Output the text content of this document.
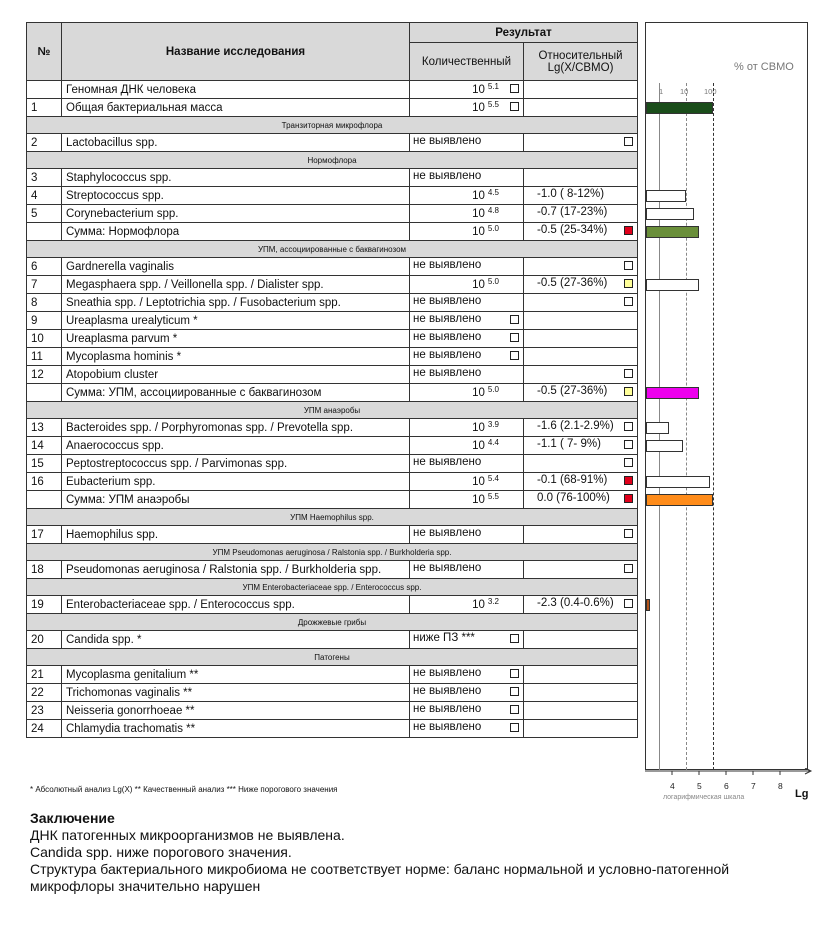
№	Название исследования	Результат	
		Количественный	Относительный
Lg(X/СВМО)
	Геномная ДНК человека	10 $^{5.1}$

1	Общая бактериальная масса	10 $^{5.5}$

Транзиторная микрофлора			
2	Lactobacillus spp.	не выявлено	

Нормофлора			
3	Staphylococcus spp.	не выявлено	

4	Streptococcus spp.	10 $^{4.5}$	-1.0 ( 8-12%)

5	Corynebacterium spp.	10 $^{4.8}$	-0.7 (17-23%)

	Сумма: Нормофлора	10 $^{5.0}$	-0.5 (25-34%)

УПМ, ассоциированные с баквагинозом			
6	Gardnerella vaginalis	не выявлено	

7	Megasphaera spp. / Veillonella spp. / Dialister spp.	10 $^{5.0}$	-0.5 (27-36%)

8	Sneathia spp. / Leptotrichia spp. / Fusobacterium spp.	не выявлено	

9	Ureaplasma urealyticum *	не выявлено	

10	Ureaplasma parvum *	не выявлено	

11	Mycoplasma hominis *	не выявлено	

12	Atopobium cluster	не выявлено	

	Сумма: УПМ, ассоциированные с баквагинозом	10 $^{5.0}$	-0.5 (27-36%)

УПМ анаэробы			
13	Bacteroides spp. / Porphyromonas spp. / Prevotella spp.	10 $^{3.9}$	-1.6 (2.1-2.9%)

14	Anaerococcus spp.	10 $^{4.4}$	-1.1 ( 7- 9%)

15	Peptostreptococcus spp. / Parvimonas spp.	не выявлено	

16	Eubacterium spp.	10 $^{5.4}$	-0.1 (68-91%)

	Сумма: УПМ анаэробы	10 $^{5.5}$	0.0 (76-100%)

УПМ Haemophilus spp.			
17	Haemophilus spp.	не выявлено	

УПМ Pseudomonas aeruginosa / Ralstonia spp. / Burkholderia spp.			
18	Pseudomonas aeruginosa / Ralstonia spp. / Burkholderia spp.	не выявлено	

УПМ Enterobacteriaceae spp. / Enterococcus spp.			
19	Enterobacteriaceae spp. / Enterococcus spp.	10 $^{3.2}$	-2.3 (0.4-0.6%)

Дрожжевые грибы			
20	Candida spp. *	ниже ПЗ ***	

Патогены			
21	Mycoplasma genitalium **	не выявлено	

22	Trichomonas vaginalis **	не выявлено	

23	Neisseria gonorrhoeae **	не выявлено	

24	Chlamydia trachomatis **	не выявлено	

% от СВМО
1 10 100
4	5	6	7	8
логарифмическая шкала	Lg
* Абсолютный анализ Lg(X) ** Качественный анализ *** Ниже порогового значения
Заключение
ДНК патогенных микроорганизмов не выявлена.
Candida spp. ниже порогового значения.
Структура бактериального микробиома не соответствует норме: баланс нормальной и условно-патогенной микрофлоры значительно нарушен
